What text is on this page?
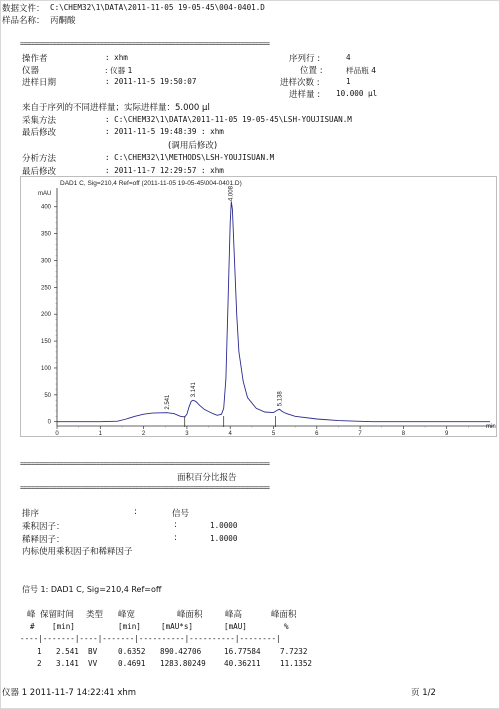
数据文件： C:\CHEM32\1\DATA\2011-11-05 19-05-45\004-0401.D
样品名称： 丙酮酸
=====================================================================
操作者	: xhm	序列行 :	4
仪器	: 仪器 1	位置 :	样品瓶 4
进样日期	: 2011-11-5 19:50:07	进样次数 :	1
进样量 : 10.000 µl
来自于序列的不同进样量；实际进样量：5.000 µl
采集方法	: C:\CHEM32\1\DATA\2011-11-05 19-05-45\LSH-YOUJISUAN.M
最后修改	: 2011-11-5 19:48:39 : xhm
(调用后修改)
分析方法	: C:\CHEM32\1\METHODS\LSH-YOUJISUAN.M
最后修改	: 2011-11-7 12:29:57 : xhm
DAD1 C, Sig=210,4 Ref=off (2011-11-05 19-05-45\004-0401.D)
mAU
min
0
50
100
150
200
250
300
350
400
0	1	2	3	4	5	6	7	8	9
2.541
3.141
4.008
5.138
=====================================================================
面积百分比报告
=====================================================================
排序	:	信号
乘积因子：	:	1.0000
稀释因子：	:	1.0000
内标使用乘积因子和稀释因子
信号 1: DAD1 C, Sig=210,4 Ref=off
峰 保留时间 类型 峰宽	峰面积	峰高	峰面积
# [min]	[min]	[mAU*s]	[mAU]	%
----|-------|----|-------|----------|----------|--------|
1 2.541 BV	0.6352 890.42706	16.77584	7.7232
2 3.141 VV	0.4691 1283.80249 40.36211	11.1352
仪器 1 2011-11-7 14:22:41 xhm	页 1/2
